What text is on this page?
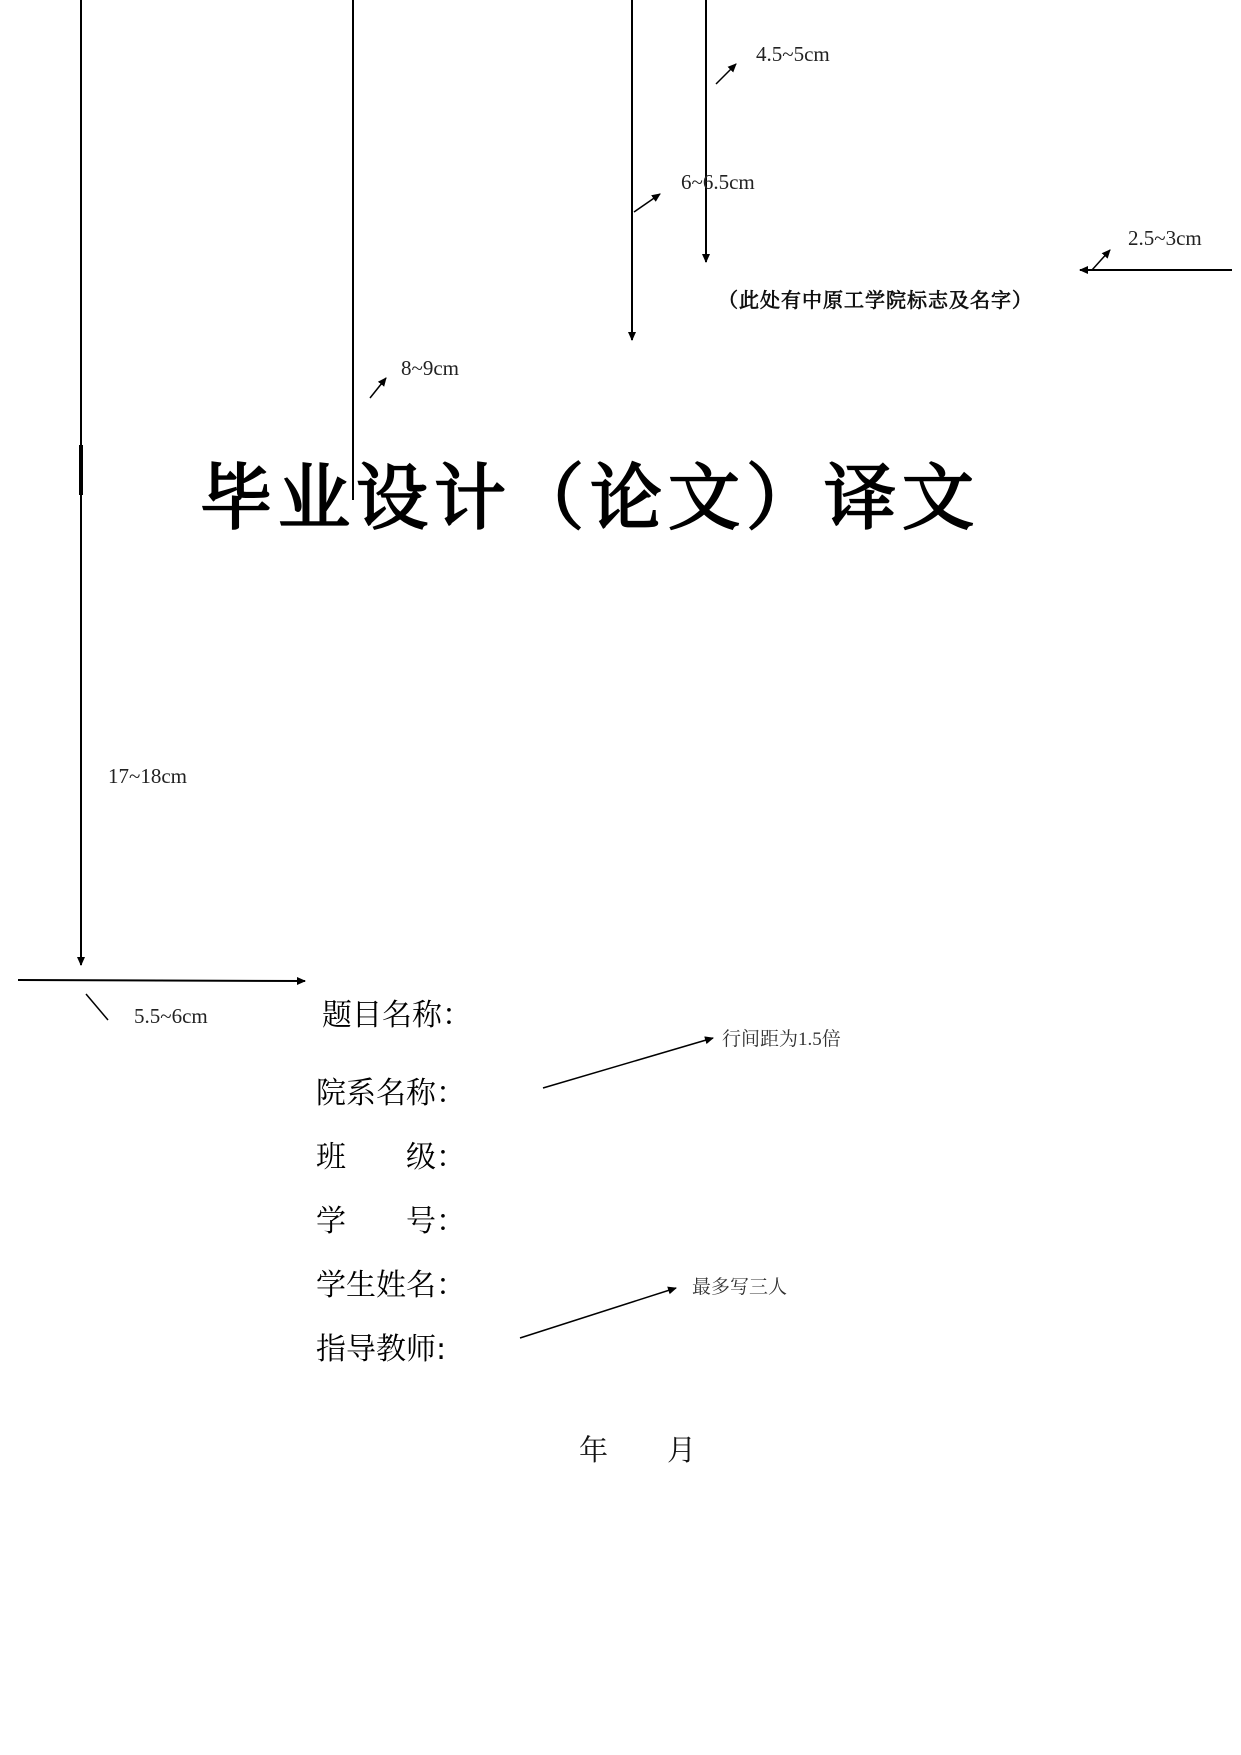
4.5~5cm
6~6.5cm
2.5~3cm
8~9cm
17~18cm
5.5~6cm
（此处有中原工学院标志及名字）
毕业设计（论文）译文
题目名称：
院系名称：
班　　级：
学　　号：
学生姓名：
指导教师:
行间距为1.5倍
最多写三人
年 月
